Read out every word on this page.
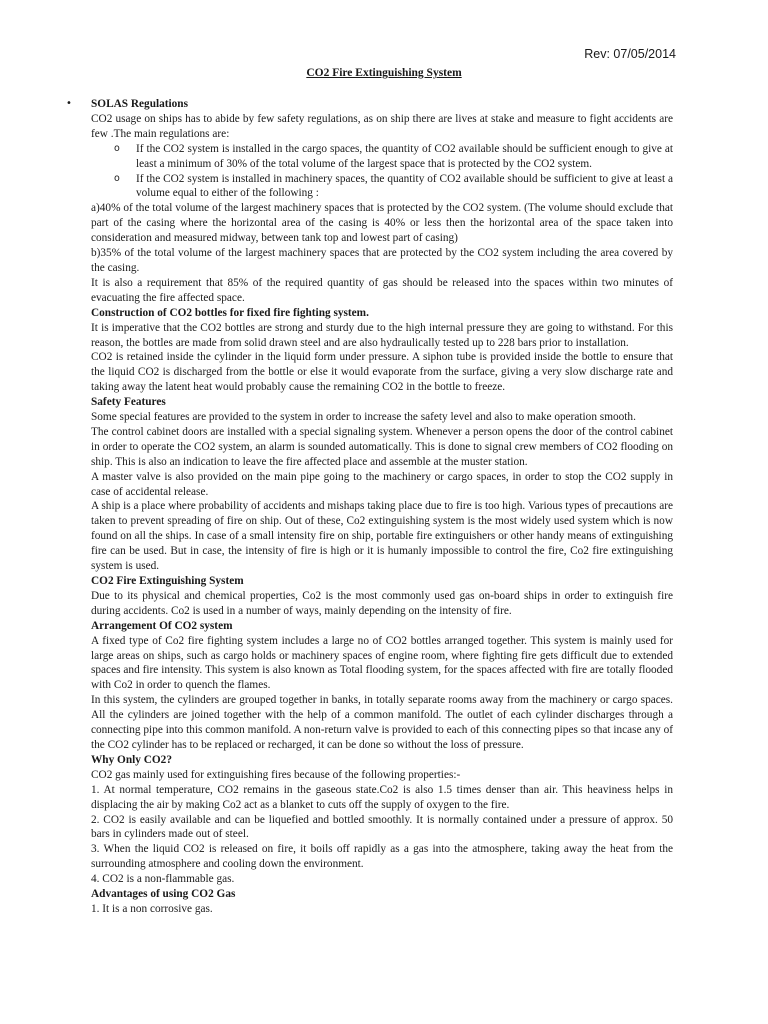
Rev: 07/05/2014
CO2 Fire Extinguishing System
• SOLAS Regulations

CO2 usage on ships has to abide by few safety regulations, as on ship there are lives at stake and measure to fight accidents are few .The main regulations are:

o If the CO2 system is installed in the cargo spaces, the quantity of CO2 available should be sufficient enough to give at least a minimum of 30% of the total volume of the largest space that is protected by the CO2 system.

o If the CO2 system is installed in machinery spaces, the quantity of CO2 available should be sufficient to give at least a volume equal to either of the following :

a)40% of the total volume of the largest machinery spaces that is protected by the CO2 system. (The volume should exclude that part of the casing where the horizontal area of the casing is 40% or less then the horizontal area of the space taken into consideration and measured midway, between tank top and lowest part of casing)

b)35% of the total volume of the largest machinery spaces that are protected by the CO2 system including the area covered by the casing.

It is also a requirement that 85% of the required quantity of gas should be released into the spaces within two minutes of evacuating the fire affected space.

Construction of CO2 bottles for fixed fire fighting system.

It is imperative that the CO2 bottles are strong and sturdy due to the high internal pressure they are going to withstand. For this reason, the bottles are made from solid drawn steel and are also hydraulically tested up to 228 bars prior to installation.

CO2 is retained inside the cylinder in the liquid form under pressure. A siphon tube is provided inside the bottle to ensure that the liquid CO2 is discharged from the bottle or else it would evaporate from the surface, giving a very slow discharge rate and taking away the latent heat would probably cause the remaining CO2 in the bottle to freeze.

Safety Features

Some special features are provided to the system in order to increase the safety level and also to make operation smooth.

The control cabinet doors are installed with a special signaling system. Whenever a person opens the door of the control cabinet in order to operate the CO2 system, an alarm is sounded automatically. This is done to signal crew members of CO2 flooding on ship. This is also an indication to leave the fire affected place and assemble at the muster station.

A master valve is also provided on the main pipe going to the machinery or cargo spaces, in order to stop the CO2 supply in case of accidental release.

A ship is a place where probability of accidents and mishaps taking place due to fire is too high. Various types of precautions are taken to prevent spreading of fire on ship. Out of these, Co2 extinguishing system is the most widely used system which is now found on all the ships. In case of a small intensity fire on ship, portable fire extinguishers or other handy means of extinguishing fire can be used. But in case, the intensity of fire is high or it is humanly impossible to control the fire, Co2 fire extinguishing system is used.

CO2 Fire Extinguishing System

Due to its physical and chemical properties, Co2 is the most commonly used gas on-board ships in order to extinguish fire during accidents. Co2 is used in a number of ways, mainly depending on the intensity of fire.

Arrangement Of CO2 system

A fixed type of Co2 fire fighting system includes a large no of CO2 bottles arranged together. This system is mainly used for large areas on ships, such as cargo holds or machinery spaces of engine room, where fighting fire gets difficult due to extended spaces and fire intensity. This system is also known as Total flooding system, for the spaces affected with fire are totally flooded with Co2 in order to quench the flames.

In this system, the cylinders are grouped together in banks, in totally separate rooms away from the machinery or cargo spaces. All the cylinders are joined together with the help of a common manifold. The outlet of each cylinder discharges through a connecting pipe into this common manifold. A non-return valve is provided to each of this connecting pipes so that incase any of the CO2 cylinder has to be replaced or recharged, it can be done so without the loss of pressure.

Why Only CO2?

CO2 gas mainly used for extinguishing fires because of the following properties:-

1. At normal temperature, CO2 remains in the gaseous state.Co2 is also 1.5 times denser than air. This heaviness helps in displacing the air by making Co2 act as a blanket to cuts off the supply of oxygen to the fire.

2. CO2 is easily available and can be liquefied and bottled smoothly. It is normally contained under a pressure of approx. 50 bars in cylinders made out of steel.

3. When the liquid CO2 is released on fire, it boils off rapidly as a gas into the atmosphere, taking away the heat from the surrounding atmosphere and cooling down the environment.

4. CO2 is a non-flammable gas.

Advantages of using CO2 Gas

1. It is a non corrosive gas.
